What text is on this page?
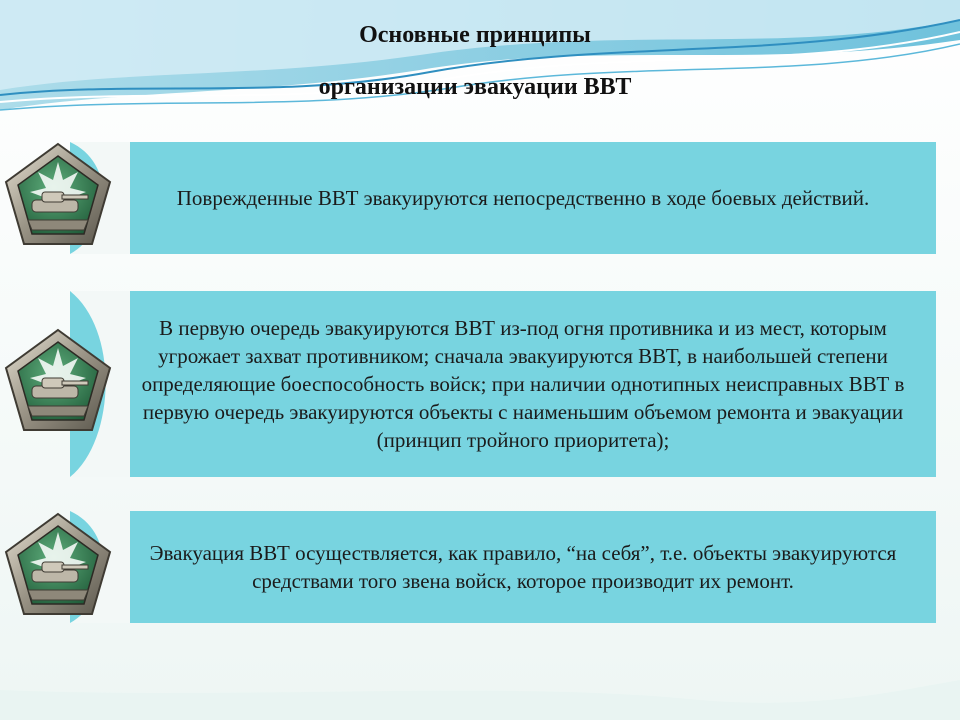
Основные принципы
организации эвакуации ВВТ
Поврежденные ВВТ эвакуируются непосредственно в ходе боевых действий.
В первую очередь эвакуируются ВВТ из-под огня противника и из мест, которым угрожает захват противником; сначала эвакуируются ВВТ, в наибольшей степени определяющие боеспособность войск; при наличии однотипных неисправных ВВТ в первую очередь эвакуируются объекты с наименьшим объемом ремонта и эвакуации (принцип тройного приоритета);
Эвакуация ВВТ осуществляется, как правило, “на себя”, т.е. объекты эвакуируются средствами того звена войск, которое производит их ремонт.
